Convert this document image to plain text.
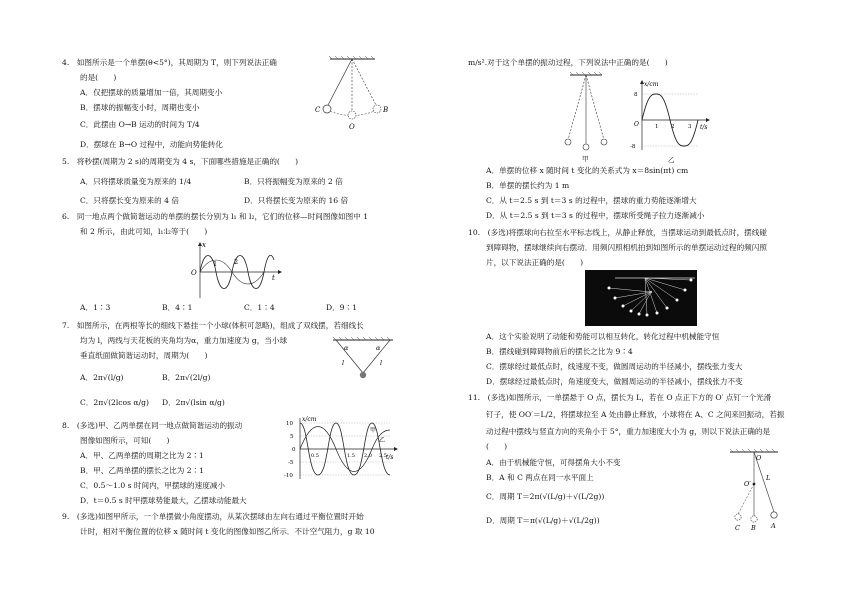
4.　如图所示是一个单摆(θ<5°)，其周期为 T，则下列说法正确
的是(　　)
A．仅把摆球的质量增加一倍，其周期变小
B．摆球的振幅变小时，周期也变小
C．此摆由 O→B 运动的时间为 T/4
D．摆球在 B→O 过程中，动能向势能转化
C
O
B
5.　将秒摆(周期为 2 s)的周期变为 4 s，下面哪些措施是正确的(　　)
A．只将摆球质量变为原来的 1/4	B．只将振幅变为原来的 2 倍
C．只将摆长变为原来的 4 倍	D．只将摆长变为原来的 16 倍
6.　同一地点两个做简谐运动的单摆的摆长分别为 l₁ 和 l₂，它们的位移—时间图像如图中 1
和 2 所示，由此可知，l₁∶l₂等于(　　)
x
O
t
1	2
A．1∶3	B．4∶1	C．1∶4	D．9∶1
7.　如图所示，在两根等长的细线下悬挂一个小球(体积可忽略)，组成了双线摆，若细线长
均为 l，两线与天花板的夹角均为α，重力加速度为 g，当小球
垂直纸面做简谐运动时，周期为(　　)
A．2π√(l/g)	B．2π√(2l/g)
C．2π√(2lcos α/g) D．2π√(lsin α/g)
α	α
l	l
8.　(多选)甲、乙两单摆在同一地点做简谐运动的振动
图像如图所示，可知(　　)
A．甲、乙两单摆的周期之比为 2∶1
B．甲、乙两单摆的摆长之比为 2∶1
C．0.5～1.0 s 时间内，甲摆球的速度减小
D．t＝0.5 s 时甲摆球势能最大，乙摆球动能最大
x/cm
t/s
甲
乙
10
5
0
-5
-10
0.5	1.5 2.0 2.5
9.　(多选)如图甲所示，一个单摆做小角度摆动，从某次摆球由左向右通过平衡位置时开始
计时，相对平衡位置的位移 x 随时间 t 变化的图像如图乙所示．不计空气阻力，g 取 10
m/s².对于这个单摆的振动过程，下列说法中正确的是(　　)
甲
x/cm
t/s
8
-8
O	1 2 3
乙
A．单摆的位移 x 随时间 t 变化的关系式为 x＝8sin(πt) cm
B．单摆的摆长约为 1 m
C．从 t＝2.5 s 到 t＝3 s 的过程中，摆球的重力势能逐渐增大
D．从 t＝2.5 s 到 t＝3 s 的过程中，摆球所受绳子拉力逐渐减小
10.　(多选)将摆球向右拉至水平标志线上，从静止释放，当摆球运动到最低点时，摆线碰
到障碍物，摆球继续向右摆动．用频闪照相机拍到如图所示的单摆运动过程的频闪照
片，以下说法正确的是(　　)
A．这个实验说明了动能和势能可以相互转化，转化过程中机械能守恒
B．摆线碰到障碍物前后的摆长之比为 9∶4
C．摆球经过最低点时，线速度不变，做圆周运动的半径减小，摆线张力变大
D．摆球经过最低点时，角速度变大，做圆周运动的半径减小，摆线张力不变
11.　(多选)如图所示，一单摆悬于 O 点，摆长为 L，若在 O 点正下方的 O′ 点钉一个光滑
钉子，使 OO′＝L/2，将摆球拉至 A 处由静止释放，小球将在 A、C 之间来回振动，若振
动过程中摆线与竖直方向的夹角小于 5°，重力加速度大小为 g，则以下说法正确的是
(　　)
A．由于机械能守恒，可得摆角大小不变
B．A 和 C 两点在同一水平面上
C．周期 T＝2π(√(L/g)＋√(L/2g))
D．周期 T＝π(√(L/g)＋√(L/2g))
O
O′
L
C B A
